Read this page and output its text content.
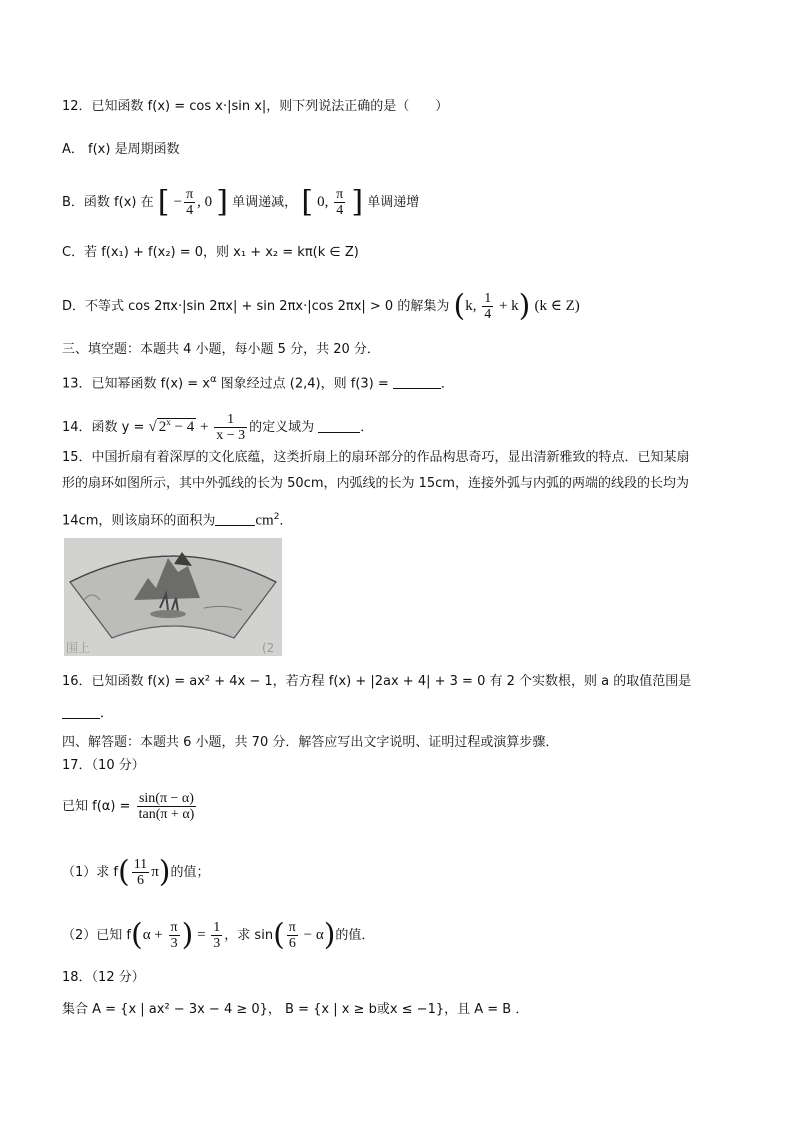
12．已知函数 f(x) = cos x·|sin x|，则下列说法正确的是（　　）
A． f(x) 是周期函数
B．函数 f(x) 在 [ − $\frac{\pi}{4}$ , 0 ] 单调递减， [ 0, $\frac{\pi}{4}$ ] 单调递增
C．若 f(x₁) + f(x₂) = 0，则 x₁ + x₂ = kπ(k ∈ Z)
D．不等式 cos 2πx·|sin 2πx| + sin 2πx·|cos 2πx| > 0 的解集为 (k, $\frac{1}{4} + k$) (k ∈ Z)
三、填空题：本题共 4 小题，每小题 5 分，共 20 分．
13．已知幂函数 $f(x) = x^\alpha$ 图象经过点 (2,4)，则 f(3) =	．
14．函数 y = √ $2^x - 4 + \frac{1}{x - 3}$ 的定义域为	．
15．中国折扇有着深厚的文化底蕴，这类折扇上的扇环部分的作品构思奇巧，显出清新雅致的特点．已知某扇
形的扇环如图所示，其中外弧线的长为 50cm，内弧线的长为 15cm，连接外弧与内弧的两端的线段的长均为
14cm，则该扇环的面积为	$cm^2$．
围上	(2
16．已知函数 f(x) = ax² + 4x − 1，若方程 f(x) + |2ax + 4| + 3 = 0 有 2 个实数根，则 a 的取值范围是
．
四、解答题：本题共 6 小题，共 70 分．解答应写出文字说明、证明过程或演算步骤．
17．（10 分）
已知 $f(\alpha) = \frac{\sin(\pi - \alpha)}{\tan(\pi + \alpha)}$
（1）求 $f( \frac{11}{6} \pi)$的值；
（2）已知 $f(\alpha + \frac{\pi}{3}$ ) = $\frac{1}{3}$ ，求 $\sin( \frac{\pi}{6} - \alpha)$的值．
18．（12 分）
集合 A = {x | ax² − 3x − 4 ≥ 0}， B = {x | x ≥ b或x ≤ −1}，且 A = B ．
